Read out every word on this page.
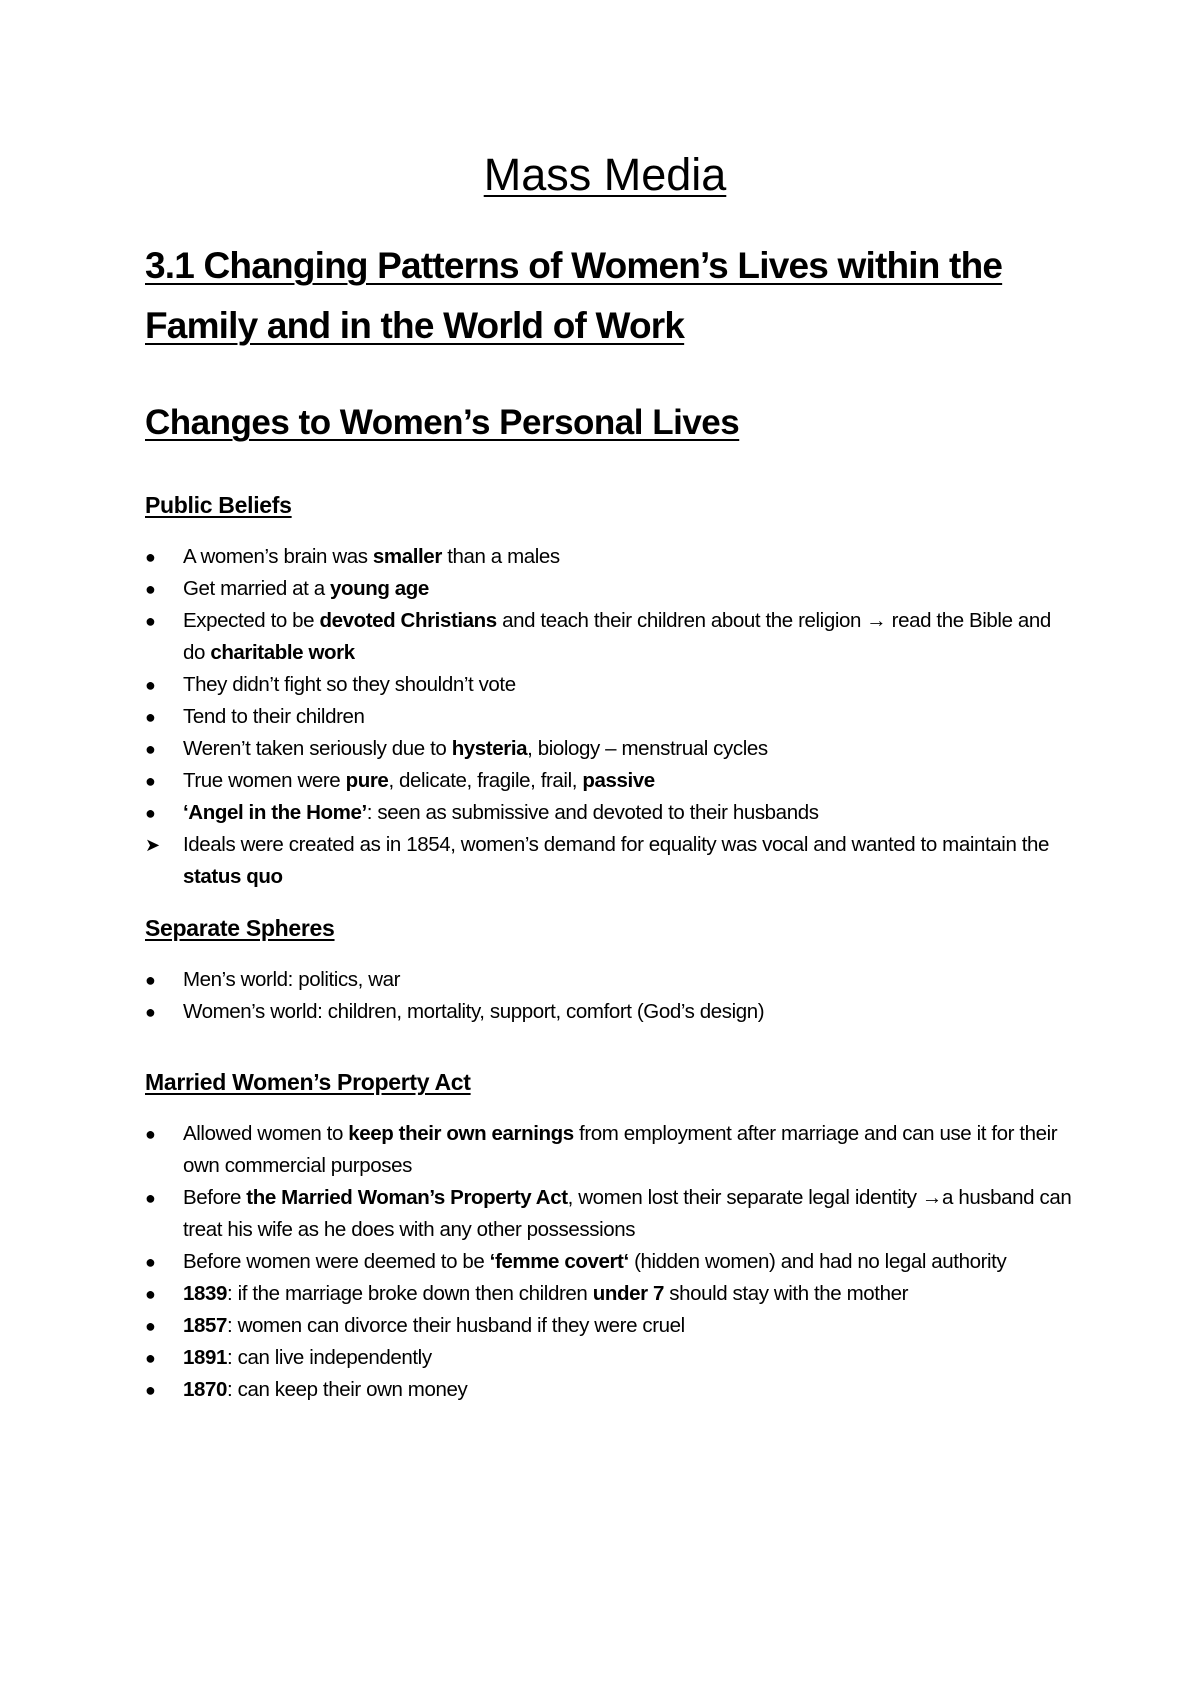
Mass Media
3.1 Changing Patterns of Women’s Lives within the Family and in the World of Work
Changes to Women’s Personal Lives
Public Beliefs
●	A women’s brain was smaller than a males
●	Get married at a young age
●	Expected to be devoted Christians and teach their children about the religion → read the Bible and do charitable work
●	They didn’t fight so they shouldn’t vote
●	Tend to their children
●	Weren’t taken seriously due to hysteria, biology – menstrual cycles
●	True women were pure, delicate, fragile, frail, passive
●	‘Angel in the Home’: seen as submissive and devoted to their husbands
➤ Ideals were created as in 1854, women’s demand for equality was vocal and wanted to maintain the status quo
Separate Spheres
●	Men’s world: politics, war
●	Women’s world: children, mortality, support, comfort (God’s design)
Married Women’s Property Act
●	Allowed women to keep their own earnings from employment after marriage and can use it for their own commercial purposes
●	Before the Married Woman’s Property Act, women lost their separate legal identity →a husband can treat his wife as he does with any other possessions
●	Before women were deemed to be ‘femme covert‘ (hidden women) and had no legal authority
●	1839: if the marriage broke down then children under 7 should stay with the mother
●	1857: women can divorce their husband if they were cruel
●	1891: can live independently
●	1870: can keep their own money
